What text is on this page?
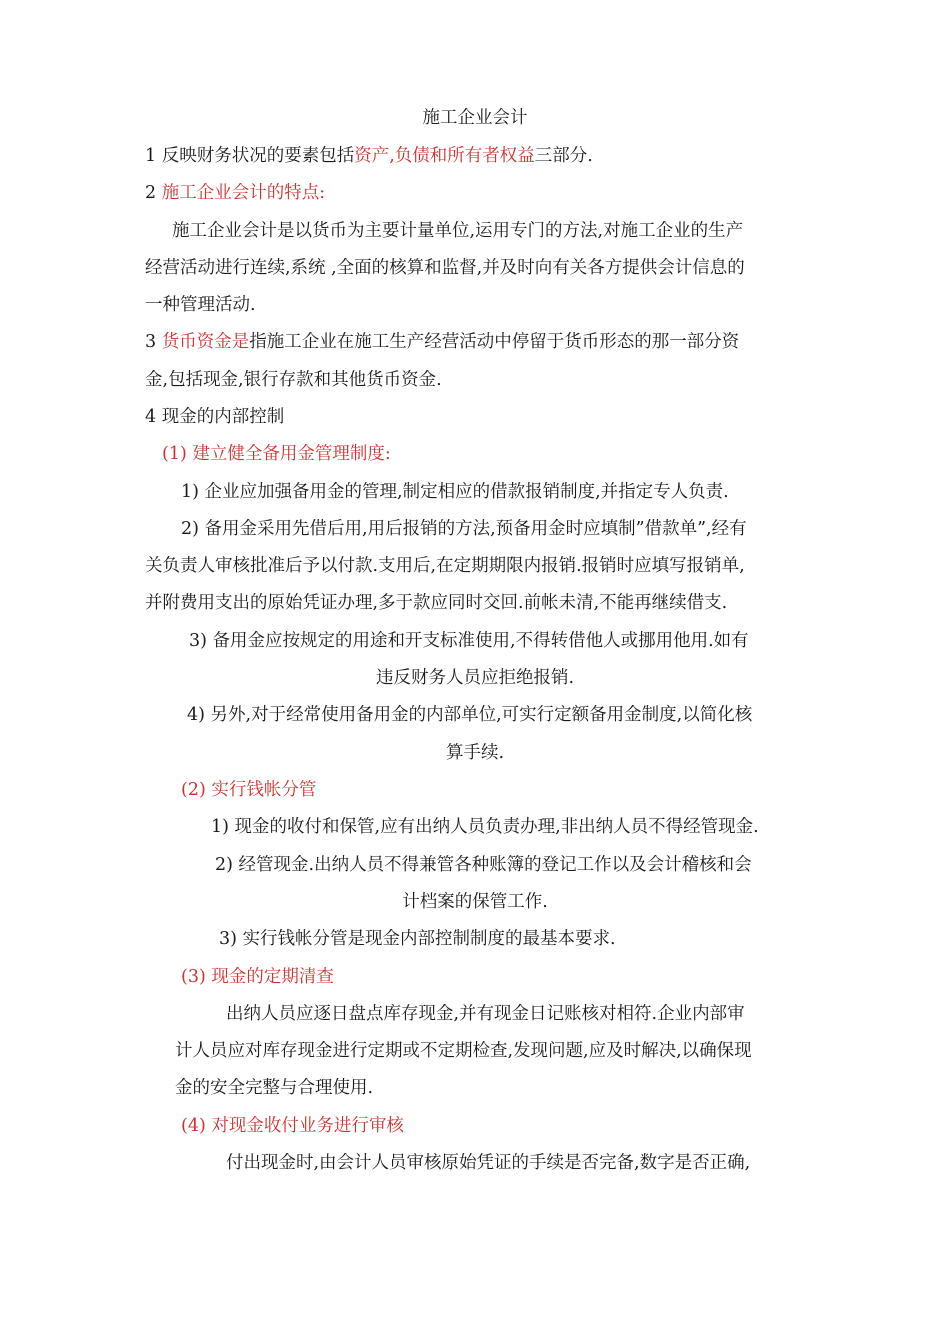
施工企业会计

1 反映财务状况的要素包括资产,负债和所有者权益三部分.

2 施工企业会计的特点:

施工企业会计是以货币为主要计量单位,运用专门的方法,对施工企业的生产

经营活动进行连续,系统 ,全面的核算和监督,并及时向有关各方提供会计信息的

一种管理活动.

3 货币资金是指施工企业在施工生产经营活动中停留于货币形态的那一部分资

金,包括现金,银行存款和其他货币资金.

4 现金的内部控制

(1) 建立健全备用金管理制度:

1) 企业应加强备用金的管理,制定相应的借款报销制度,并指定专人负责.

2) 备用金采用先借后用,用后报销的方法,预备用金时应填制”借款单”,经有

关负责人审核批准后予以付款.支用后,在定期期限内报销.报销时应填写报销单,

并附费用支出的原始凭证办理,多于款应同时交回.前帐未清,不能再继续借支.

3) 备用金应按规定的用途和开支标准使用,不得转借他人或挪用他用.如有

违反财务人员应拒绝报销.

4) 另外,对于经常使用备用金的内部单位,可实行定额备用金制度,以简化核

算手续.

(2) 实行钱帐分管

1) 现金的收付和保管,应有出纳人员负责办理,非出纳人员不得经管现金.

2) 经管现金.出纳人员不得兼管各种账簿的登记工作以及会计稽核和会

计档案的保管工作.

3) 实行钱帐分管是现金内部控制制度的最基本要求.

(3) 现金的定期清查

出纳人员应逐日盘点库存现金,并有现金日记账核对相符.企业内部审

计人员应对库存现金进行定期或不定期检查,发现问题,应及时解决,以确保现

金的安全完整与合理使用.

(4) 对现金收付业务进行审核

付出现金时,由会计人员审核原始凭证的手续是否完备,数字是否正确,
